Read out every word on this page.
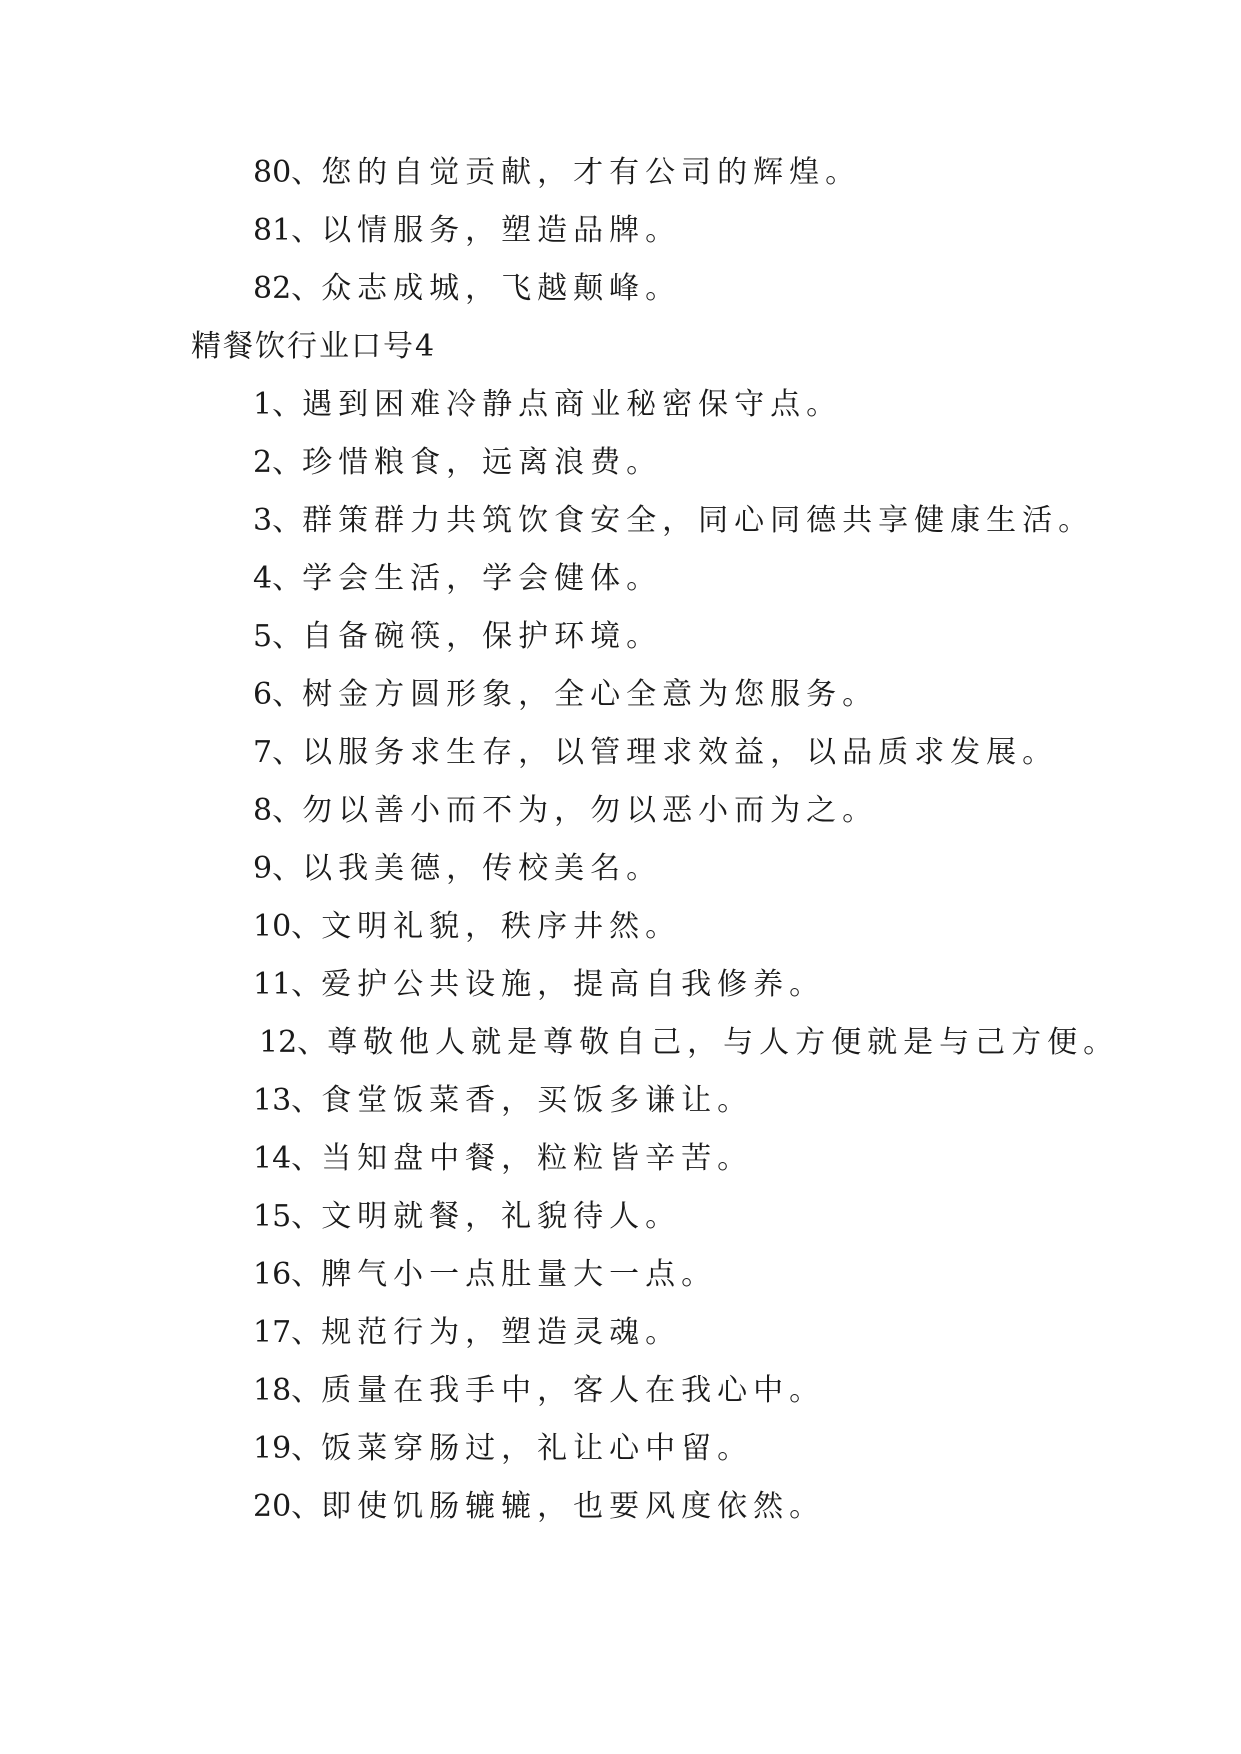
80、您的自觉贡献，才有公司的辉煌。
81、以情服务，塑造品牌。
82、众志成城，飞越颠峰。
精餐饮行业口号4
1、遇到困难冷静点商业秘密保守点。
2、珍惜粮食，远离浪费。
3、群策群力共筑饮食安全，同心同德共享健康生活。
4、学会生活，学会健体。
5、自备碗筷，保护环境。
6、树金方圆形象，全心全意为您服务。
7、以服务求生存，以管理求效益，以品质求发展。
8、勿以善小而不为，勿以恶小而为之。
9、以我美德，传校美名。
10、文明礼貌，秩序井然。
11、爱护公共设施，提高自我修养。
12、尊敬他人就是尊敬自己，与人方便就是与己方便。
13、食堂饭菜香，买饭多谦让。
14、当知盘中餐，粒粒皆辛苦。
15、文明就餐，礼貌待人。
16、脾气小一点肚量大一点。
17、规范行为，塑造灵魂。
18、质量在我手中，客人在我心中。
19、饭菜穿肠过，礼让心中留。
20、即使饥肠辘辘，也要风度依然。
